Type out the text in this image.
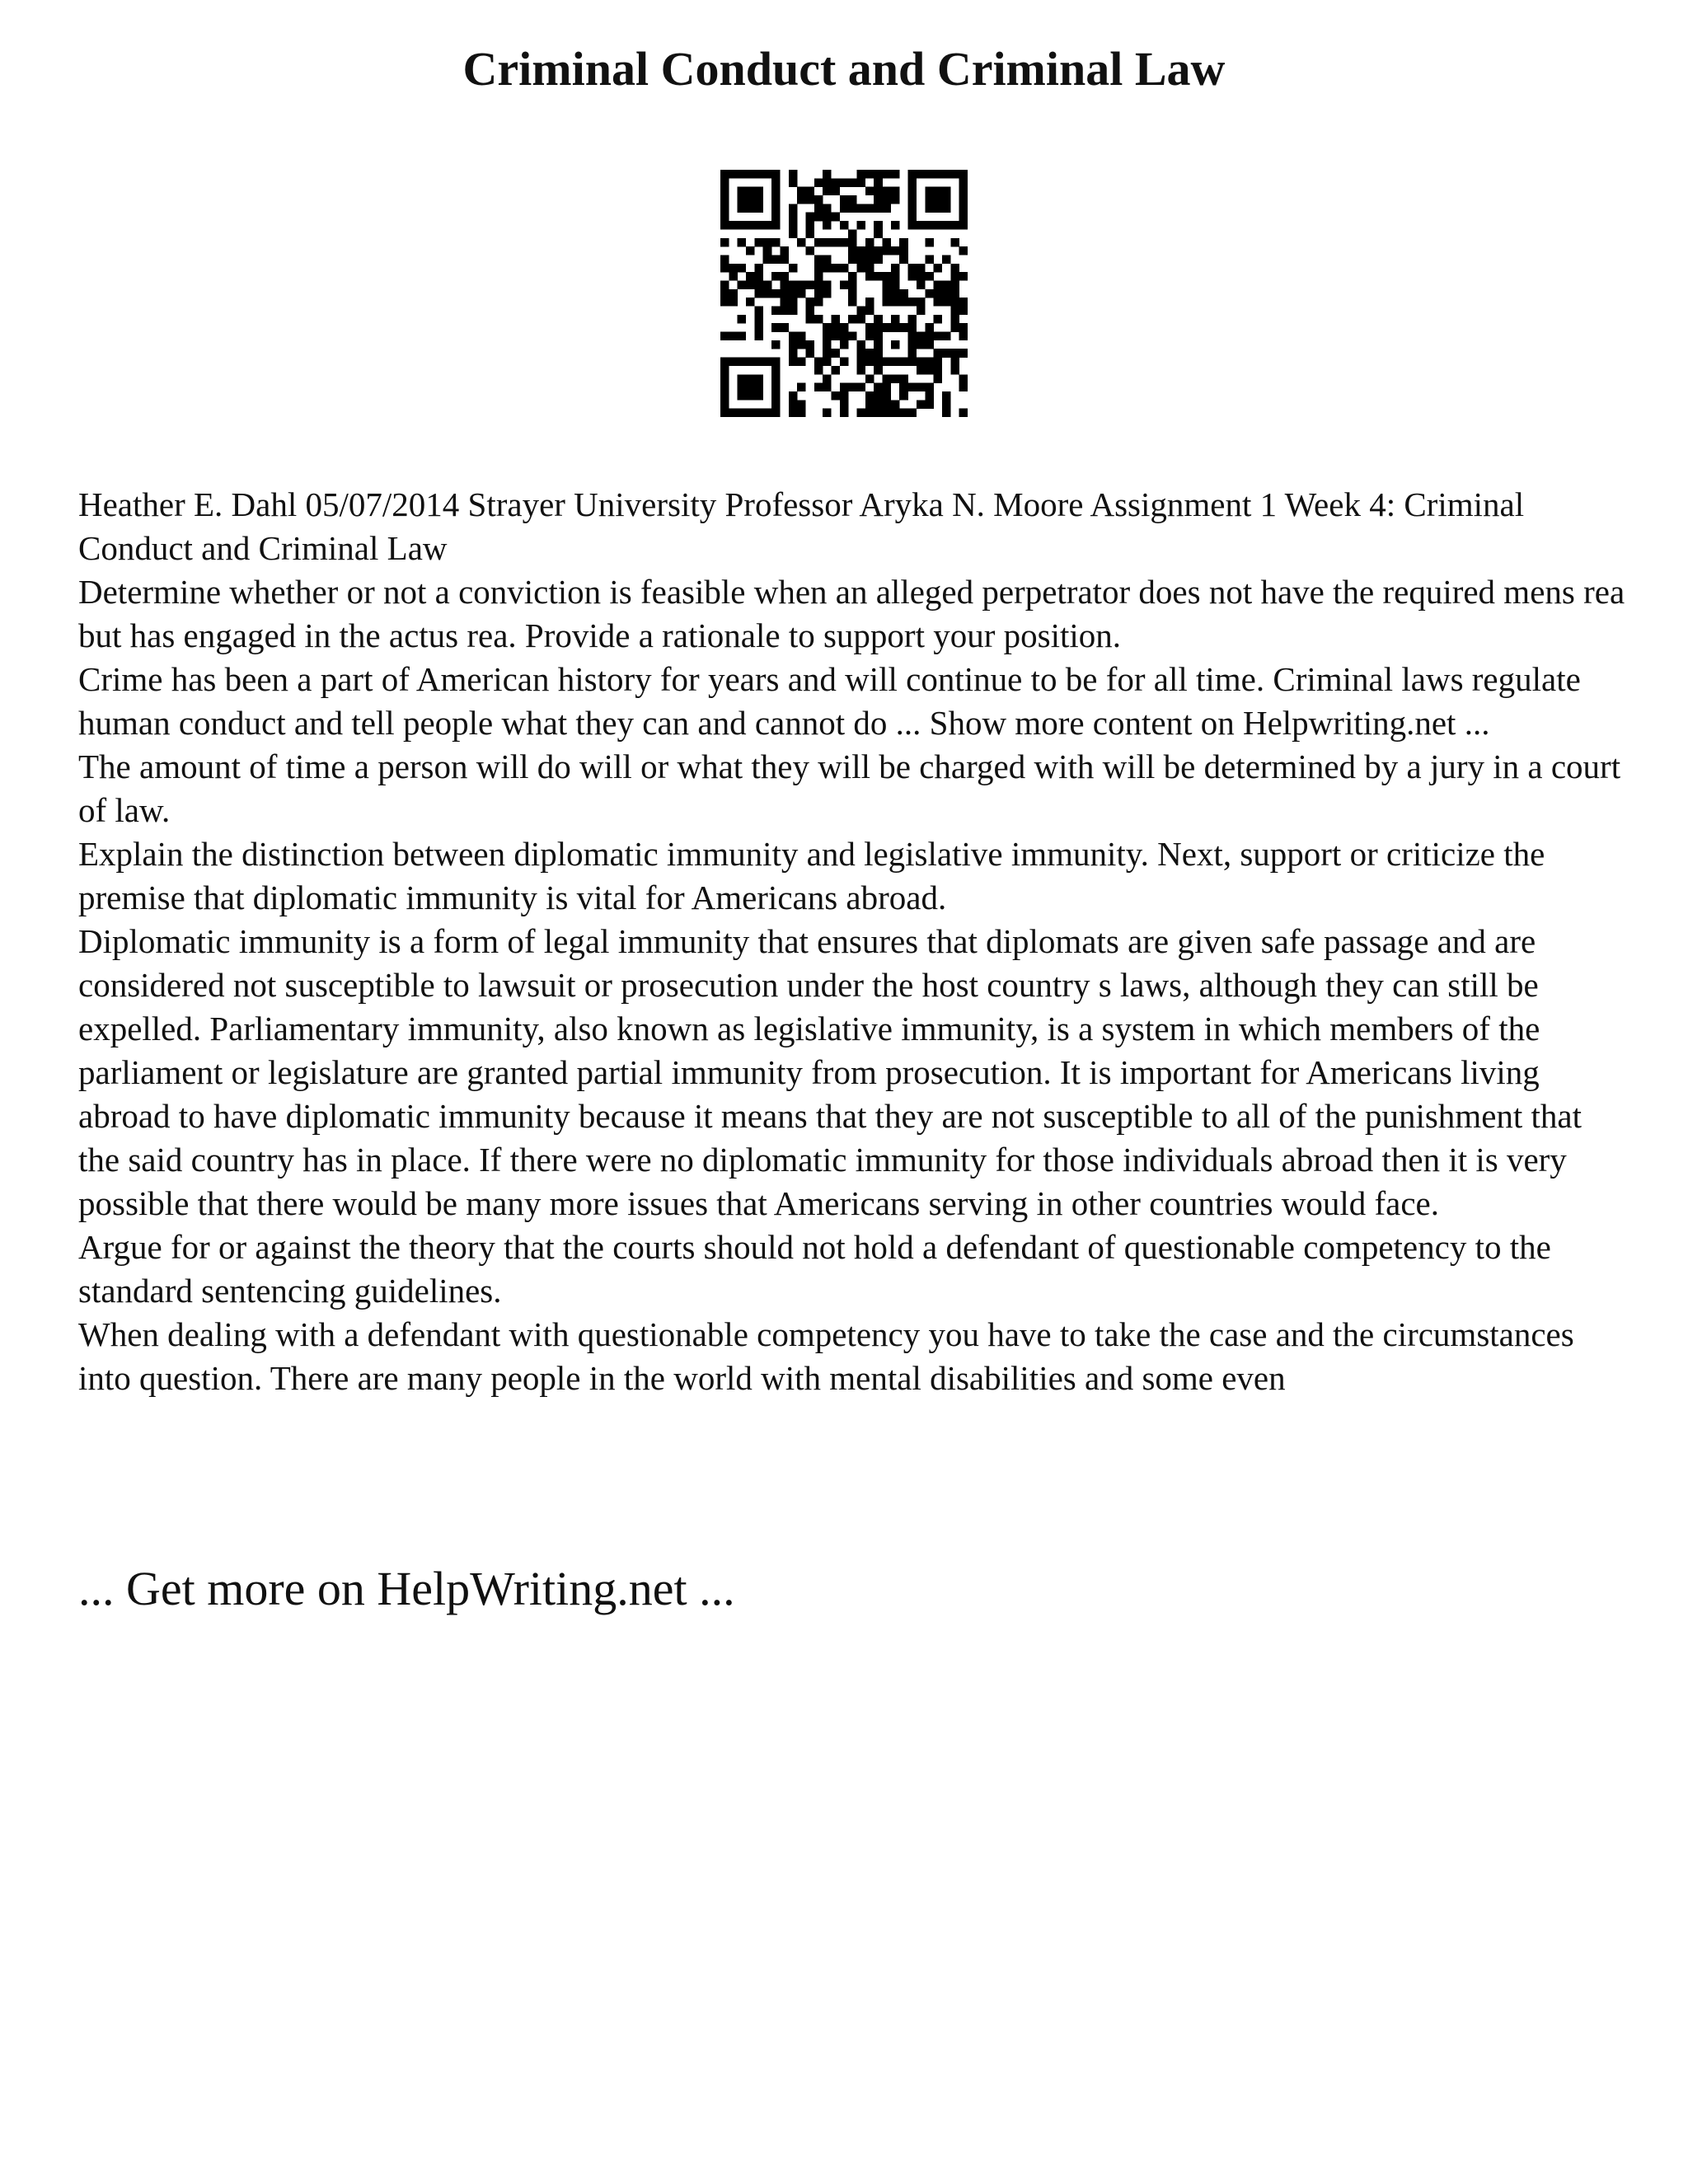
Criminal Conduct and Criminal Law

Heather E. Dahl 05/07/2014 Strayer University Professor Aryka N. Moore Assignment 1 Week 4: Criminal Conduct and Criminal Law

Determine whether or not a conviction is feasible when an alleged perpetrator does not have the required mens rea but has engaged in the actus rea. Provide a rationale to support your position.

Crime has been a part of American history for years and will continue to be for all time. Criminal laws regulate human conduct and tell people what they can and cannot do ... Show more content on Helpwriting.net ...

The amount of time a person will do will or what they will be charged with will be determined by a jury in a court of law.

Explain the distinction between diplomatic immunity and legislative immunity. Next, support or criticize the premise that diplomatic immunity is vital for Americans abroad.

Diplomatic immunity is a form of legal immunity that ensures that diplomats are given safe passage and are considered not susceptible to lawsuit or prosecution under the host country s laws, although they can still be expelled. Parliamentary immunity, also known as legislative immunity, is a system in which members of the parliament or legislature are granted partial immunity from prosecution. It is important for Americans living abroad to have diplomatic immunity because it means that they are not susceptible to all of the punishment that the said country has in place. If there were no diplomatic immunity for those individuals abroad then it is very possible that there would be many more issues that Americans serving in other countries would face.

Argue for or against the theory that the courts should not hold a defendant of questionable competency to the standard sentencing guidelines.

When dealing with a defendant with questionable competency you have to take the case and the circumstances into question. There are many people in the world with mental disabilities and some even

... Get more on HelpWriting.net ...
